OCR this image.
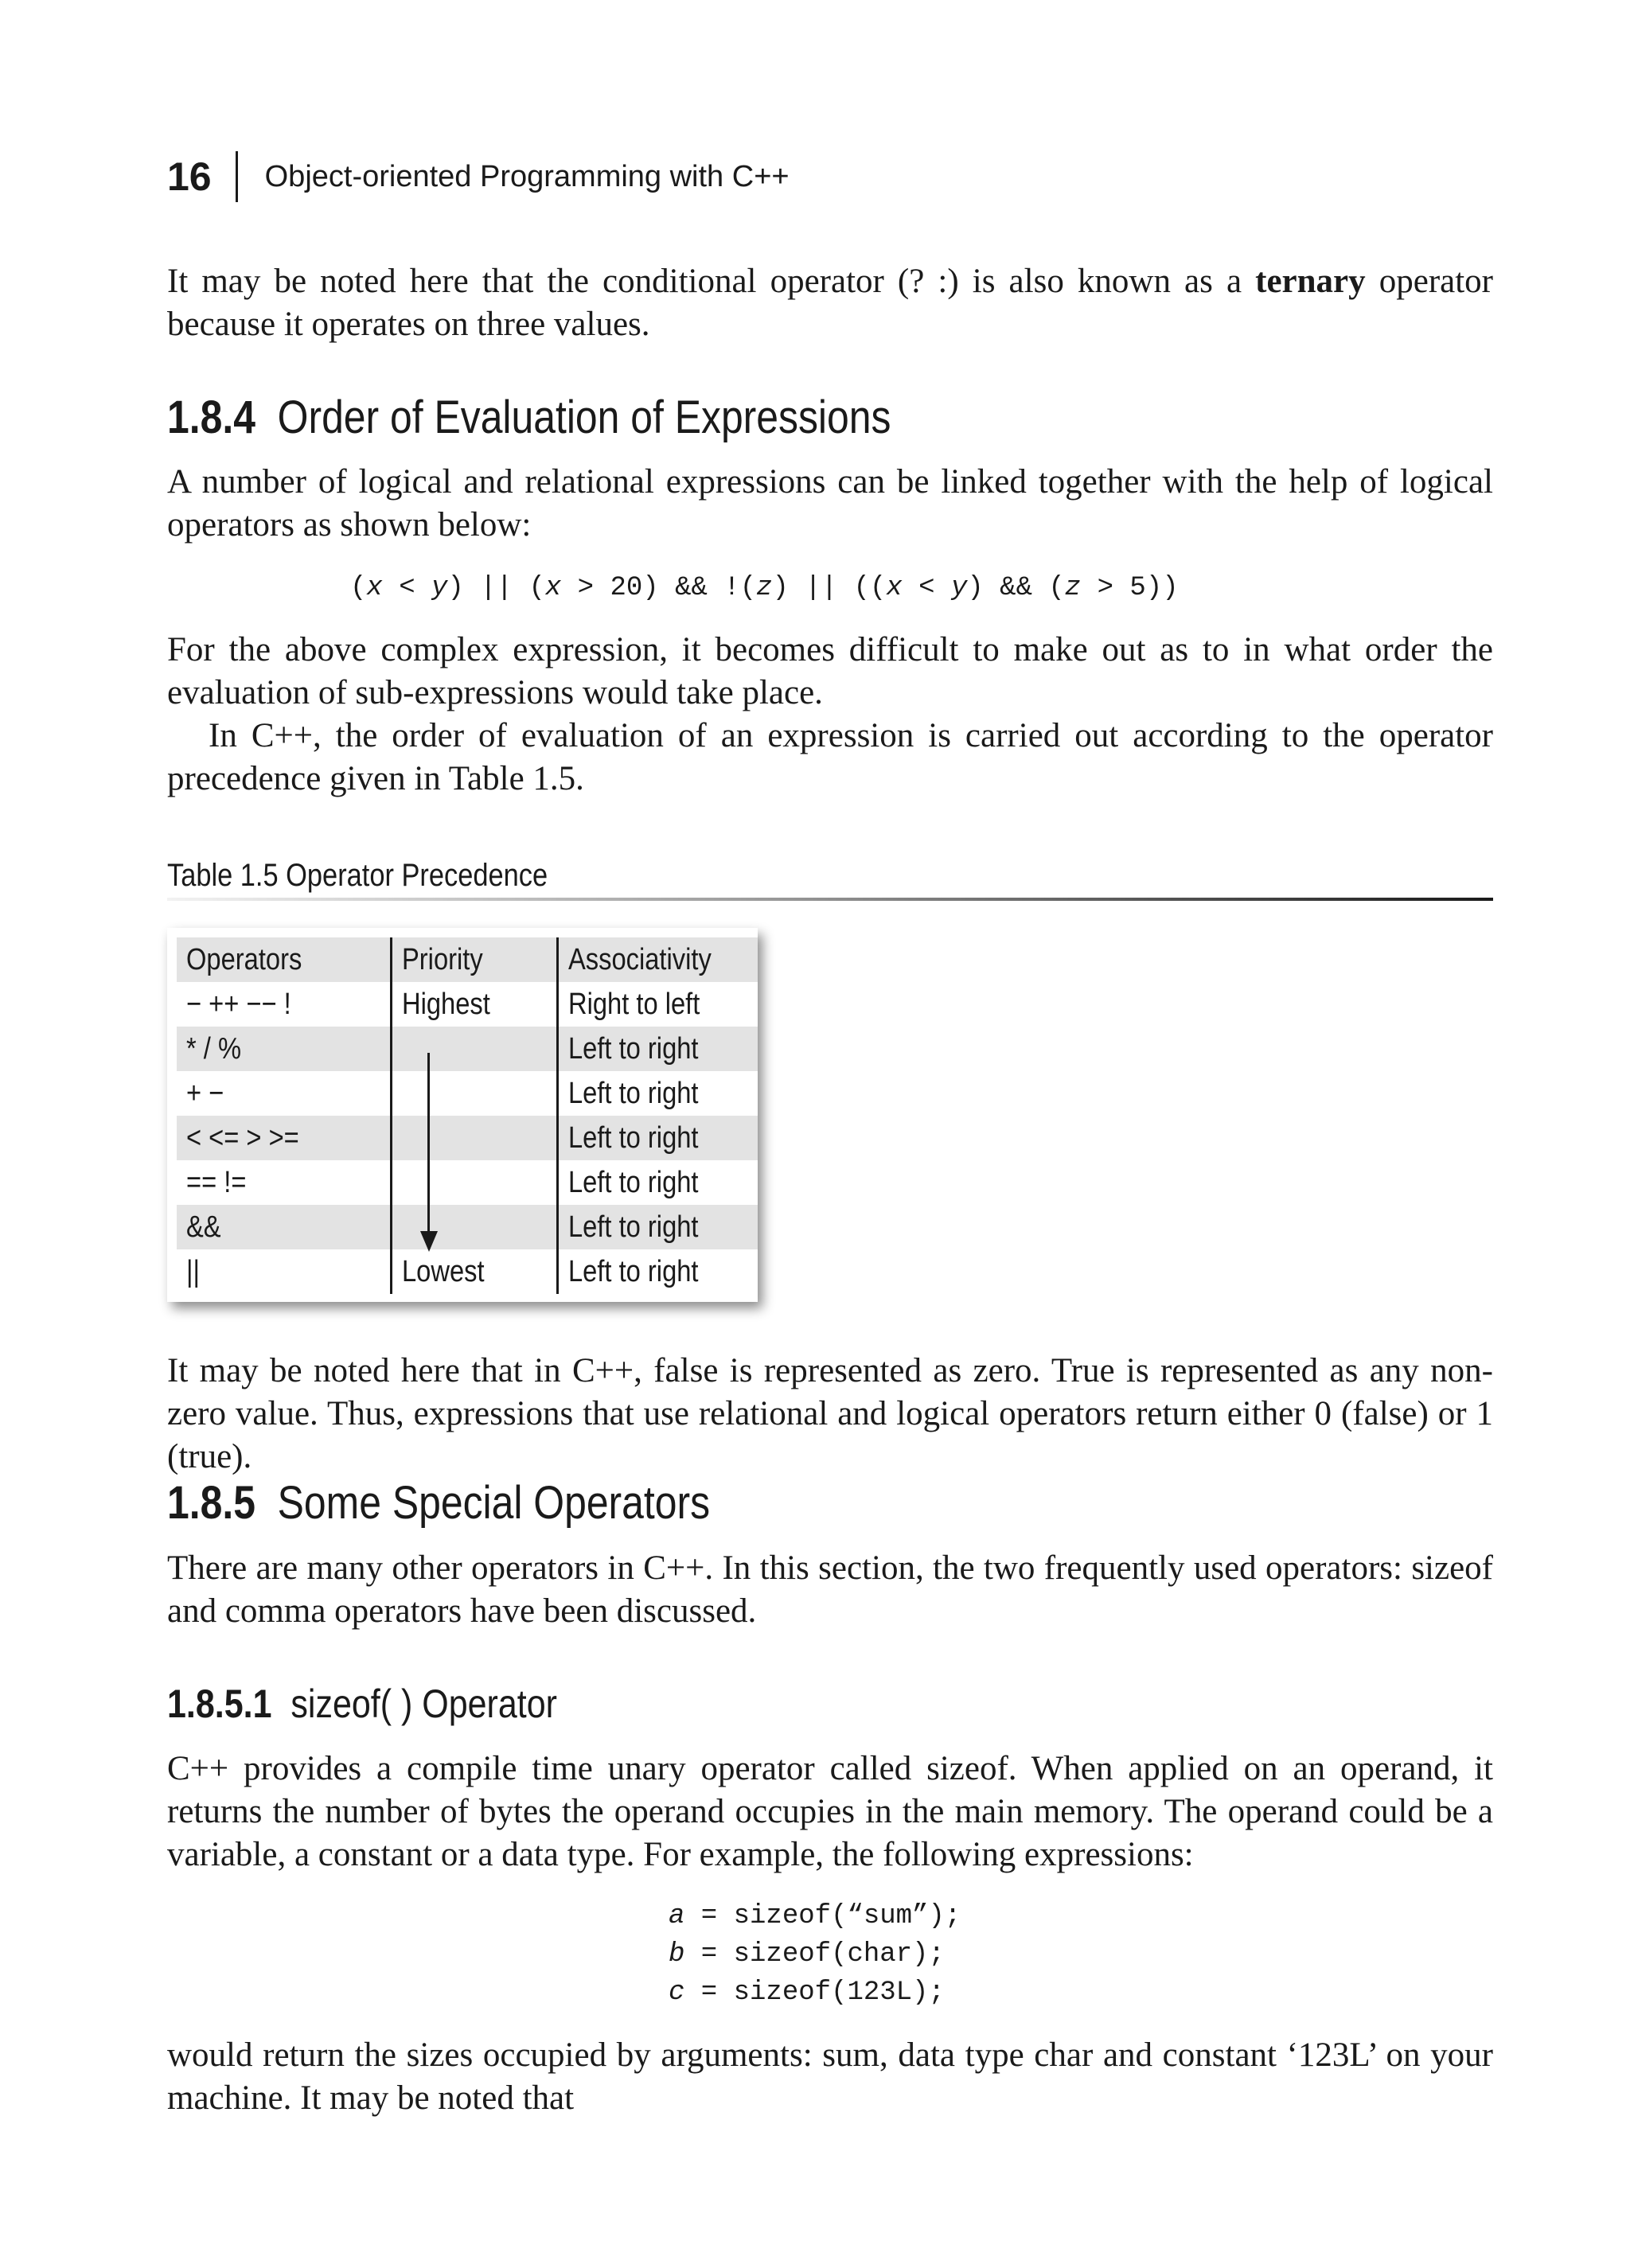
16 Object-oriented Programming with C++

It may be noted here that the conditional operator (? :) is also known as a ternary operator because it operates on three values.

1.8.4 Order of Evaluation of Expressions

A number of logical and relational expressions can be linked together with the help of logical operators as shown below:

(x < y) || (x > 20) && !(z) || ((x < y) && (z > 5))

For the above complex expression, it becomes difficult to make out as to in what order the evaluation of sub-expressions would take place.

In C++, the order of evaluation of an expression is carried out according to the operator precedence given in Table 1.5.

Table 1.5 Operator Precedence
Operators	Priority	Associativity
− ++ −− !	Highest	Right to left
* / %		Left to right
+ −		Left to right
< <= > >=		Left to right
== !=		Left to right
&&		Left to right
||	Lowest	Left to right

It may be noted here that in C++, false is represented as zero. True is represented as any non-zero value. Thus, expressions that use relational and logical operators return either 0 (false) or 1 (true).

1.8.5 Some Special Operators

There are many other operators in C++. In this section, the two frequently used operators: sizeof and comma operators have been discussed.

1.8.5.1 sizeof( ) Operator

C++ provides a compile time unary operator called sizeof. When applied on an operand, it returns the number of bytes the operand occupies in the main memory. The operand could be a variable, a constant or a data type. For example, the following expressions:

a = sizeof(“sum”);
b = sizeof(char);
c = sizeof(123L);

would return the sizes occupied by arguments: sum, data type char and constant ‘123L’ on your machine. It may be noted that
